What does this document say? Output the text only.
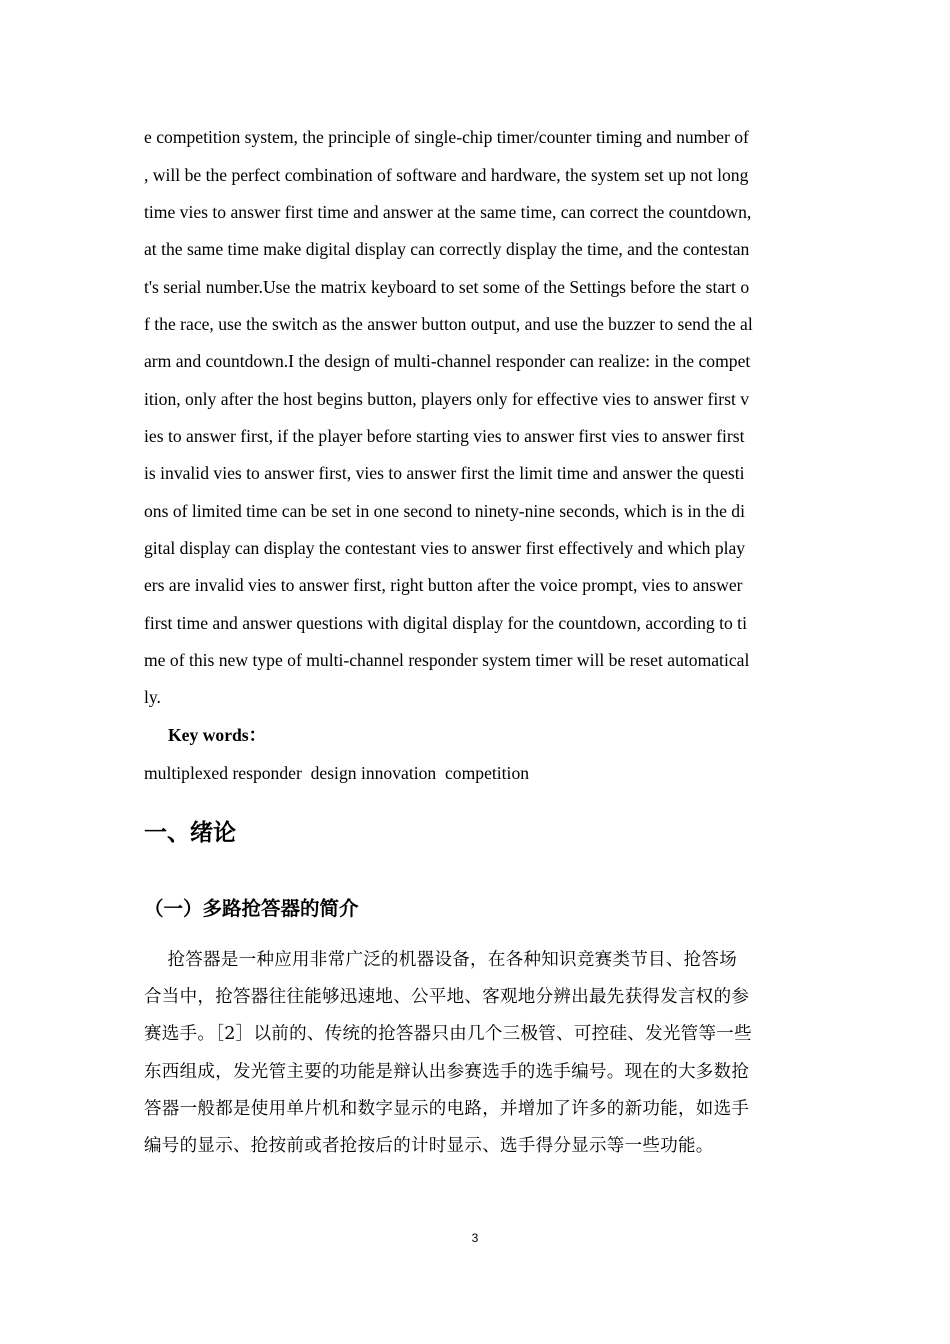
e competition system, the principle of single-chip timer/counter timing and number of
, will be the perfect combination of software and hardware, the system set up not long
time vies to answer first time and answer at the same time, can correct the countdown,
at the same time make digital display can correctly display the time, and the contestan
t's serial number.Use the matrix keyboard to set some of the Settings before the start o
f the race, use the switch as the answer button output, and use the buzzer to send the al
arm and countdown.I the design of multi-channel responder can realize: in the compet
ition, only after the host begins button, players only for effective vies to answer first v
ies to answer first, if the player before starting vies to answer first vies to answer first
is invalid vies to answer first, vies to answer first the limit time and answer the questi
ons of limited time can be set in one second to ninety-nine seconds, which is in the di
gital display can display the contestant vies to answer first effectively and which play
ers are invalid vies to answer first, right button after the voice prompt, vies to answer
first time and answer questions with digital display for the countdown, according to ti
me of this new type of multi-channel responder system timer will be reset automatical
ly.
Key words：
multiplexed responder  design innovation  competition
一、绪论
（一）多路抢答器的简介
抢答器是一种应用非常广泛的机器设备，在各种知识竞赛类节目、抢答场
合当中，抢答器往往能够迅速地、公平地、客观地分辨出最先获得发言权的参
赛选手。［2］以前的、传统的抢答器只由几个三极管、可控硅、发光管等一些
东西组成，发光管主要的功能是辩认出参赛选手的选手编号。现在的大多数抢
答器一般都是使用单片机和数字显示的电路，并增加了许多的新功能，如选手
编号的显示、抢按前或者抢按后的计时显示、选手得分显示等一些功能。
3
